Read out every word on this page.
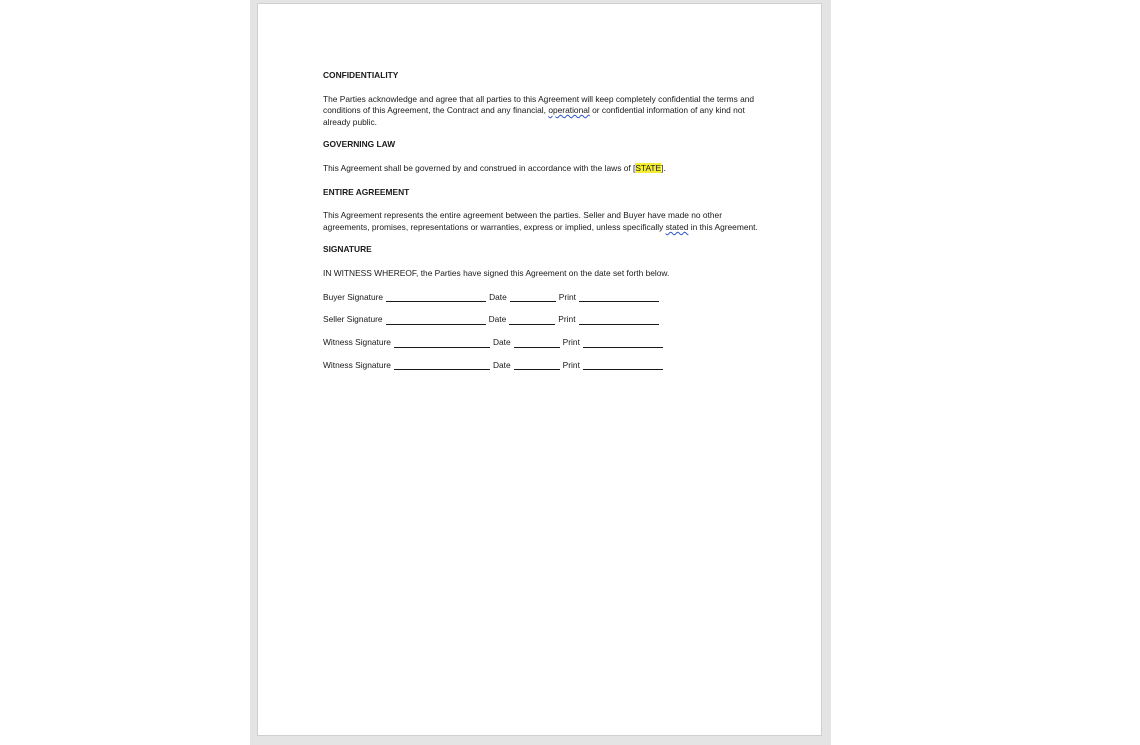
CONFIDENTIALITY
The Parties acknowledge and agree that all parties to this Agreement will keep completely confidential the terms and conditions of this Agreement, the Contract and any financial, operational or confidential information of any kind not already public.
GOVERNING LAW
This Agreement shall be governed by and construed in accordance with the laws of [STATE].
ENTIRE AGREEMENT
This Agreement represents the entire agreement between the parties. Seller and Buyer have made no other agreements, promises, representations or warranties, express or implied, unless specifically stated in this Agreement.
SIGNATURE
IN WITNESS WHEREOF, the Parties have signed this Agreement on the date set forth below.
Buyer Signature	Date	Print
Seller Signature	Date	Print
Witness Signature	Date	Print
Witness Signature	Date	Print
